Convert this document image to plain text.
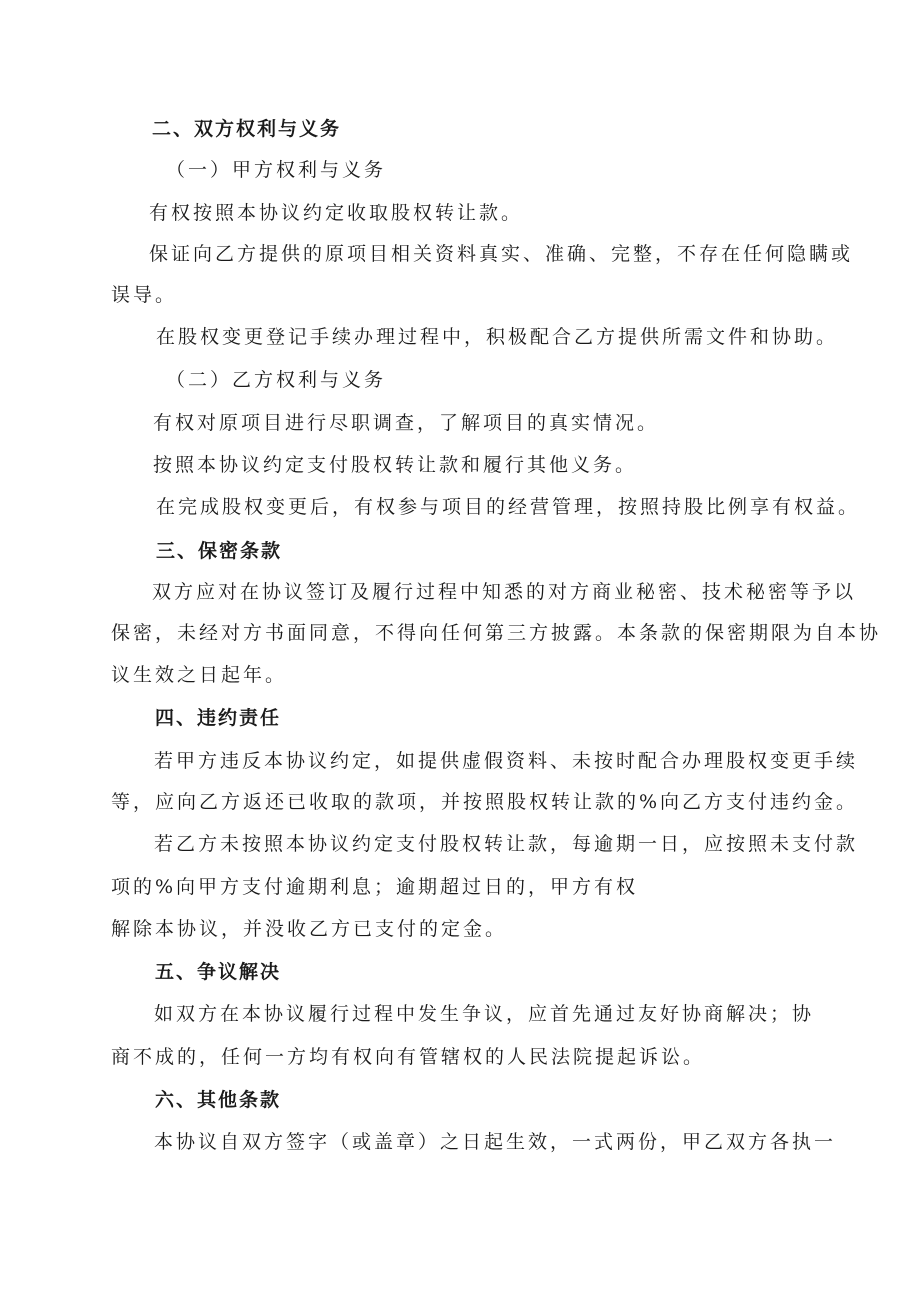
二、双方权利与义务
（一）甲方权利与义务
有权按照本协议约定收取股权转让款。
保证向乙方提供的原项目相关资料真实、准确、完整，不存在任何隐瞒或
误导。
在股权变更登记手续办理过程中，积极配合乙方提供所需文件和协助。
（二）乙方权利与义务
有权对原项目进行尽职调查，了解项目的真实情况。
按照本协议约定支付股权转让款和履行其他义务。
在完成股权变更后，有权参与项目的经营管理，按照持股比例享有权益。
三、保密条款
双方应对在协议签订及履行过程中知悉的对方商业秘密、技术秘密等予以
保密，未经对方书面同意，不得向任何第三方披露。本条款的保密期限为自本协
议生效之日起年。
四、违约责任
若甲方违反本协议约定，如提供虚假资料、未按时配合办理股权变更手续
等，应向乙方返还已收取的款项，并按照股权转让款的%向乙方支付违约金。
若乙方未按照本协议约定支付股权转让款，每逾期一日，应按照未支付款
项的%向甲方支付逾期利息；逾期超过日的，甲方有权
解除本协议，并没收乙方已支付的定金。
五、争议解决
如双方在本协议履行过程中发生争议，应首先通过友好协商解决；协
商不成的，任何一方均有权向有管辖权的人民法院提起诉讼。
六、其他条款
本协议自双方签字（或盖章）之日起生效，一式两份，甲乙双方各执一
